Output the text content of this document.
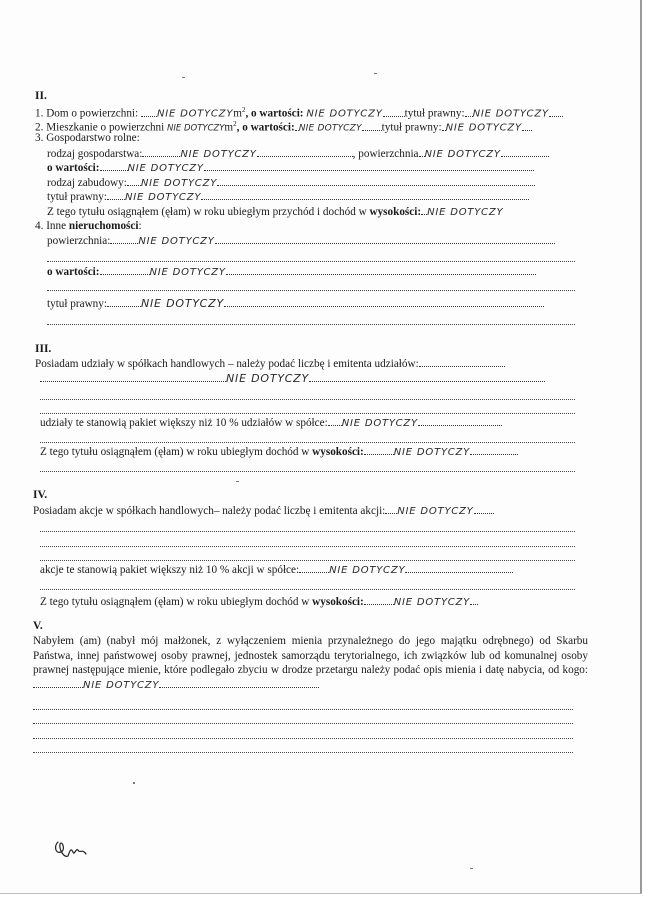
II.
1. Dom o powierzchni: NIE DOTYCZYm$^2$, o wartości: NIE DOTYCZY tytuł prawny: NIE DOTYCZY
2. Mieszkanie o powierzchni NIE DOTYCZYm$^2$, o wartości: NIE DOTYCZY tytuł prawny: NIE DOTYCZY
3. Gospodarstwo rolne:
rodzaj gospodarstwa:	NIE DOTYCZY	, powierzchnia NIE DOTYCZY
o wartości:	NIE DOTYCZY
rodzaj zabudowy: NIE DOTYCZY
tytuł prawny: NIE DOTYCZY
Z tego tytułu osiągnąłem (ęłam) w roku ubiegłym przychód i dochód w wysokości: NIE DOTYCZY
4. Inne nieruchomości:
powierzchnia:	NIE DOTYCZY
o wartości:	NIE DOTYCZY
tytuł prawny:	NIE DOTYCZY
III.
Posiadam udziały w spółkach handlowych – należy podać liczbę i emitenta udziałów:
NIE DOTYCZY
udziały te stanowią pakiet większy niż 10 % udziałów w spółce: NIE DOTYCZY
Z tego tytułu osiągnąłem (ęłam) w roku ubiegłym dochód w wysokości:	NIE DOTYCZY
IV.
Posiadam akcje w spółkach handlowych– należy podać liczbę i emitenta akcji: NIE DOTYCZY
akcje te stanowią pakiet większy niż 10 % akcji w spółce:	NIE DOTYCZY
Z tego tytułu osiągnąłem (ęłam) w roku ubiegłym dochód w wysokości:	NIE DOTYCZY
V.
Nabyłem (am) (nabył mój małżonek, z wyłączeniem mienia przynależnego do jego majątku odrębnego) od Skarbu Państwa, innej państwowej osoby prawnej, jednostek samorządu terytorialnego, ich związków lub od komunalnej osoby prawnej następujące mienie, które podlegało zbyciu w drodze przetargu należy podać opis mienia i datę nabycia, od kogo:NIE DOTYCZY
